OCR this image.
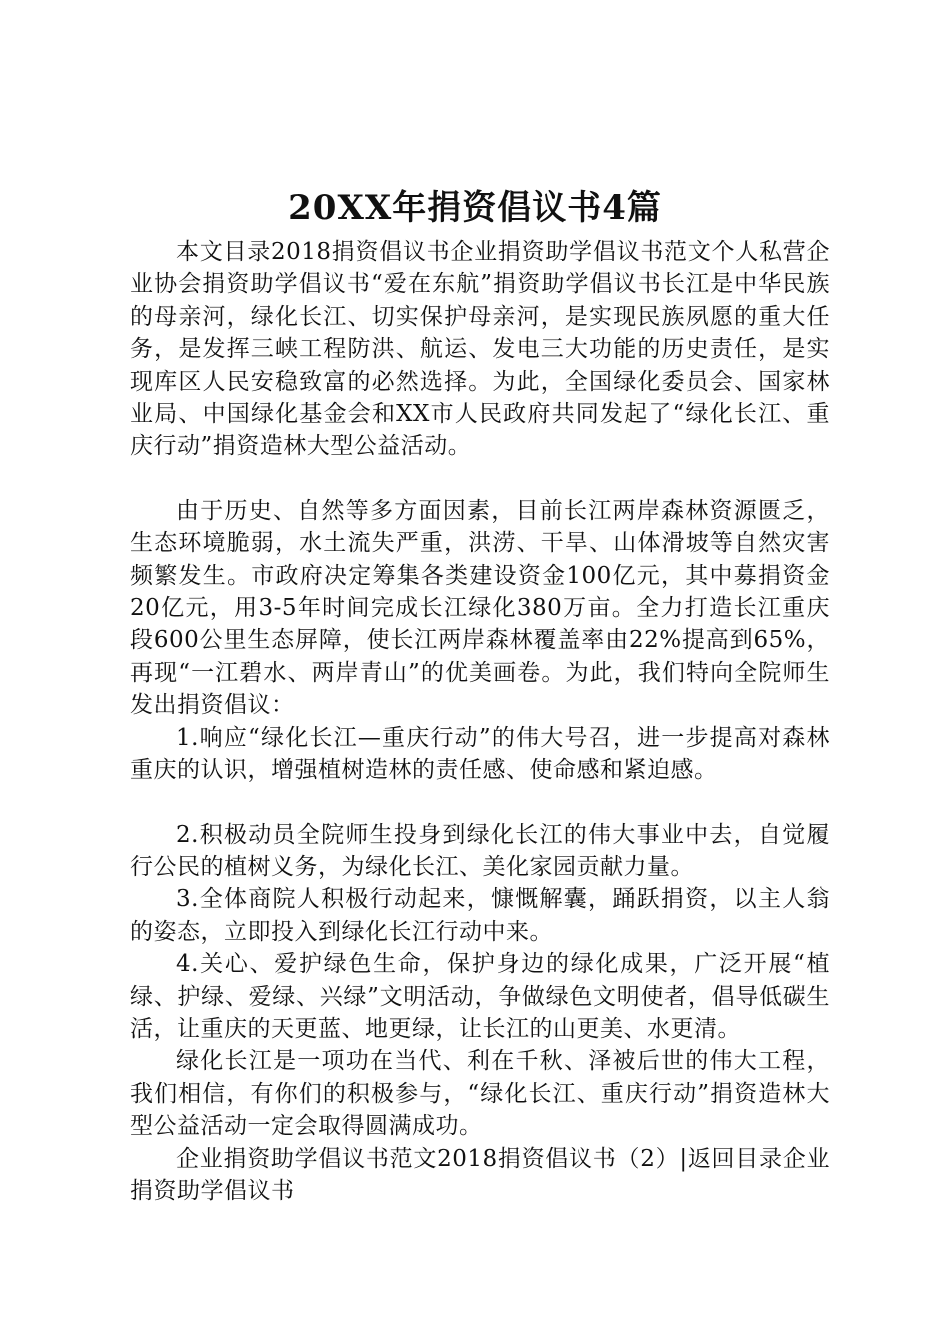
20XX年捐资倡议书4篇

本文目录2018捐资倡议书企业捐资助学倡议书范文个人私营企业协会捐资助学倡议书“爱在东航”捐资助学倡议书长江是中华民族的母亲河，绿化长江、切实保护母亲河，是实现民族夙愿的重大任务，是发挥三峡工程防洪、航运、发电三大功能的历史责任，是实现库区人民安稳致富的必然选择。为此，全国绿化委员会、国家林业局、中国绿化基金会和XX市人民政府共同发起了“绿化长江、重庆行动”捐资造林大型公益活动。

由于历史、自然等多方面因素，目前长江两岸森林资源匮乏，生态环境脆弱，水土流失严重，洪涝、干旱、山体滑坡等自然灾害频繁发生。市政府决定筹集各类建设资金100亿元，其中募捐资金20亿元，用3-5年时间完成长江绿化380万亩。全力打造长江重庆段600公里生态屏障，使长江两岸森林覆盖率由22%提高到65%，再现“一江碧水、两岸青山”的优美画卷。为此，我们特向全院师生发出捐资倡议：

1.响应“绿化长江—重庆行动”的伟大号召，进一步提高对森林重庆的认识，增强植树造林的责任感、使命感和紧迫感。

2.积极动员全院师生投身到绿化长江的伟大事业中去，自觉履行公民的植树义务，为绿化长江、美化家园贡献力量。

3.全体商院人积极行动起来，慷慨解囊，踊跃捐资，以主人翁的姿态，立即投入到绿化长江行动中来。

4.关心、爱护绿色生命，保护身边的绿化成果，广泛开展“植绿、护绿、爱绿、兴绿”文明活动，争做绿色文明使者，倡导低碳生活，让重庆的天更蓝、地更绿，让长江的山更美、水更清。

绿化长江是一项功在当代、利在千秋、泽被后世的伟大工程，我们相信，有你们的积极参与，“绿化长江、重庆行动”捐资造林大型公益活动一定会取得圆满成功。

企业捐资助学倡议书范文2018捐资倡议书（2）|返回目录企业捐资助学倡议书
